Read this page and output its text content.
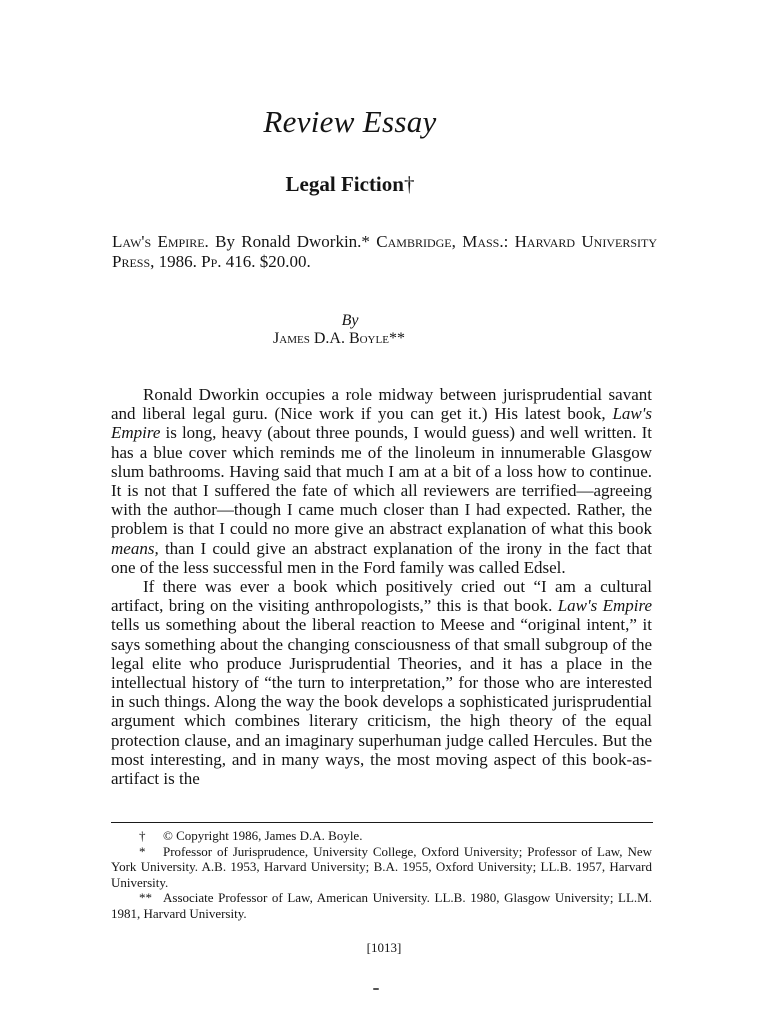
Review Essay
Legal Fiction†
Law's Empire. By Ronald Dworkin.* Cambridge, Mass.: Harvard University Press, 1986. Pp. 416. $20.00.
By
James D.A. Boyle**

Ronald Dworkin occupies a role midway between jurisprudential savant and liberal legal guru. (Nice work if you can get it.) His latest book, Law's Empire is long, heavy (about three pounds, I would guess) and well written. It has a blue cover which reminds me of the linoleum in innumerable Glasgow slum bathrooms. Having said that much I am at a bit of a loss how to continue. It is not that I suffered the fate of which all reviewers are terrified—agreeing with the author—though I came much closer than I had expected. Rather, the problem is that I could no more give an abstract explanation of what this book means, than I could give an abstract explanation of the irony in the fact that one of the less successful men in the Ford family was called Edsel.

If there was ever a book which positively cried out “I am a cultural artifact, bring on the visiting anthropologists,” this is that book. Law's Empire tells us something about the liberal reaction to Meese and “original intent,” it says something about the changing consciousness of that small subgroup of the legal elite who produce Jurisprudential Theories, and it has a place in the intellectual history of “the turn to interpretation,” for those who are interested in such things. Along the way the book develops a sophisticated jurisprudential argument which combines literary criticism, the high theory of the equal protection clause, and an imaginary superhuman judge called Hercules. But the most interesting, and in many ways, the most moving aspect of this book-as-artifact is the

† © Copyright 1986, James D.A. Boyle.

* Professor of Jurisprudence, University College, Oxford University; Professor of Law, New York University. A.B. 1953, Harvard University; B.A. 1955, Oxford University; LL.B. 1957, Harvard University.

** Associate Professor of Law, American University. LL.B. 1980, Glasgow University; LL.M. 1981, Harvard University.

[1013]
